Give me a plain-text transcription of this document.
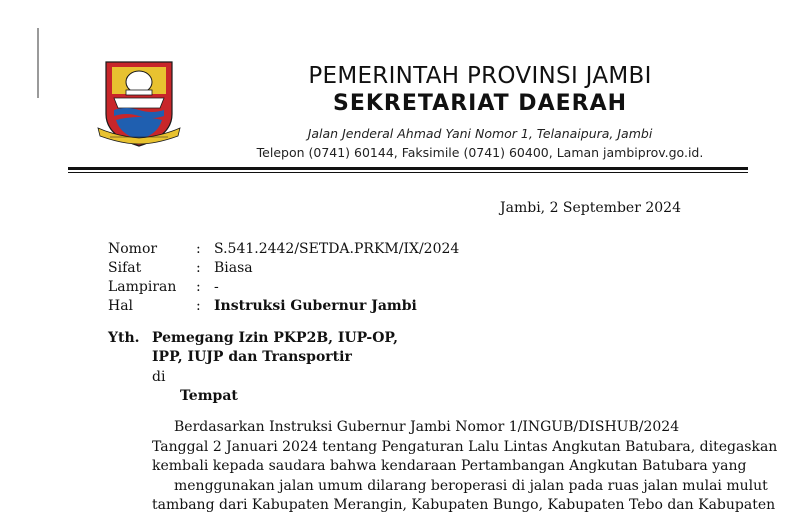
PEMERINTAH PROVINSI JAMBI
SEKRETARIAT DAERAH
Jalan Jenderal Ahmad Yani Nomor 1, Telanaipura, Jambi
Telepon (0741) 60144, Faksimile (0741) 60400, Laman jambiprov.go.id.
Jambi, 2 September 2024
Nomor	: S.541.2442/SETDA.PRKM/IX/2024
Sifat	: Biasa
Lampiran	: -
Hal	: Instruksi Gubernur Jambi
Yth. Pemegang Izin PKP2B, IUP-OP,
IPP, IUJP dan Transportir
di
Tempat
Berdasarkan Instruksi Gubernur Jambi Nomor 1/INGUB/DISHUB/2024
Tanggal 2 Januari 2024 tentang Pengaturan Lalu Lintas Angkutan Batubara, ditegaskan
kembali kepada saudara bahwa kendaraan Pertambangan Angkutan Batubara yang
menggunakan jalan umum dilarang beroperasi di jalan pada ruas jalan mulai mulut
tambang dari Kabupaten Merangin, Kabupaten Bungo, Kabupaten Tebo dan Kabupaten
